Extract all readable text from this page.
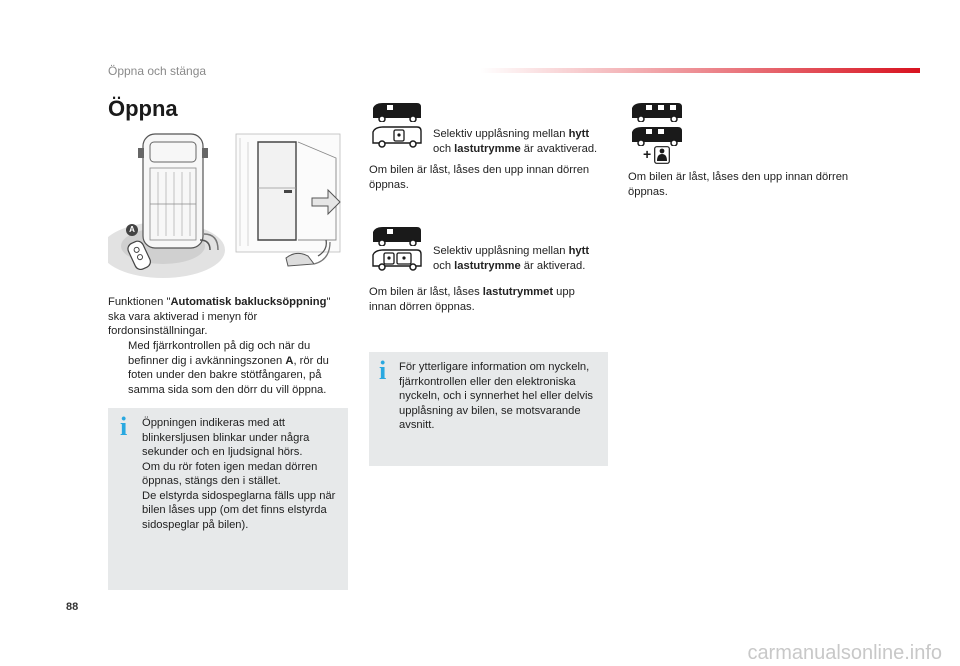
Öppna och stänga
Öppna
A
Funktionen "Automatisk baklucksöppning" ska vara aktiverad i menyn för fordonsinställningar.
Med fjärrkontrollen på dig och när du befinner dig i avkänningszonen A, rör du foten under den bakre stötfångaren, på samma sida som den dörr du vill öppna.
i Öppningen indikeras med att blinkersljusen blinkar under några sekunder och en ljudsignal hörs.
Om du rör foten igen medan dörren öppnas, stängs den i stället.
De elstyrda sidospeglarna fälls upp när bilen låses upp (om det finns elstyrda sidospeglar på bilen).
Selektiv upplåsning mellan hytt och lastutrymme är avaktiverad.
Om bilen är låst, låses den upp innan dörren öppnas.
Selektiv upplåsning mellan hytt och lastutrymme är aktiverad.
Om bilen är låst, låses lastutrymmet upp innan dörren öppnas.
i För ytterligare information om nyckeln, fjärrkontrollen eller den elektroniska nyckeln, och i synnerhet hel eller delvis upplåsning av bilen, se motsvarande avsnitt.
+
Om bilen är låst, låses den upp innan dörren öppnas.
88
carmanualsonline.info
